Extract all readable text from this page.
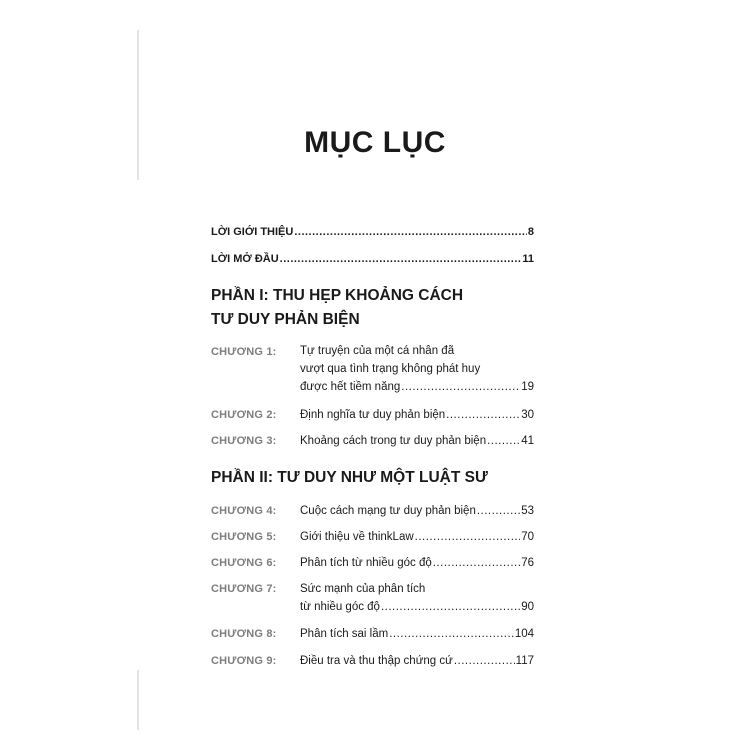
MỤC LỤC
LỜI GIỚI THIỆU .....	8
LỜI MỞ ĐẦU .....	11
PHẦN I: THU HẸP KHOẢNG CÁCH
TƯ DUY PHẢN BIỆN
CHƯƠNG 1: Tự truyện của một cá nhân đã
vượt qua tình trạng không phát huy
được hết tiềm năng .....	19
CHƯƠNG 2: Định nghĩa tư duy phản biện .....	30
CHƯƠNG 3: Khoảng cách trong tư duy phản biện .....	41
PHẦN II: TƯ DUY NHƯ MỘT LUẬT SƯ
CHƯƠNG 4: Cuộc cách mạng tư duy phản biện .....	53
CHƯƠNG 5: Giới thiệu về thinkLaw .....	70
CHƯƠNG 6: Phân tích từ nhiều góc độ .....	76
CHƯƠNG 7: Sức mạnh của phân tích
từ nhiều góc độ .....	90
CHƯƠNG 8: Phân tích sai lầm .....	104
CHƯƠNG 9: Điều tra và thu thập chứng cứ .....	117
